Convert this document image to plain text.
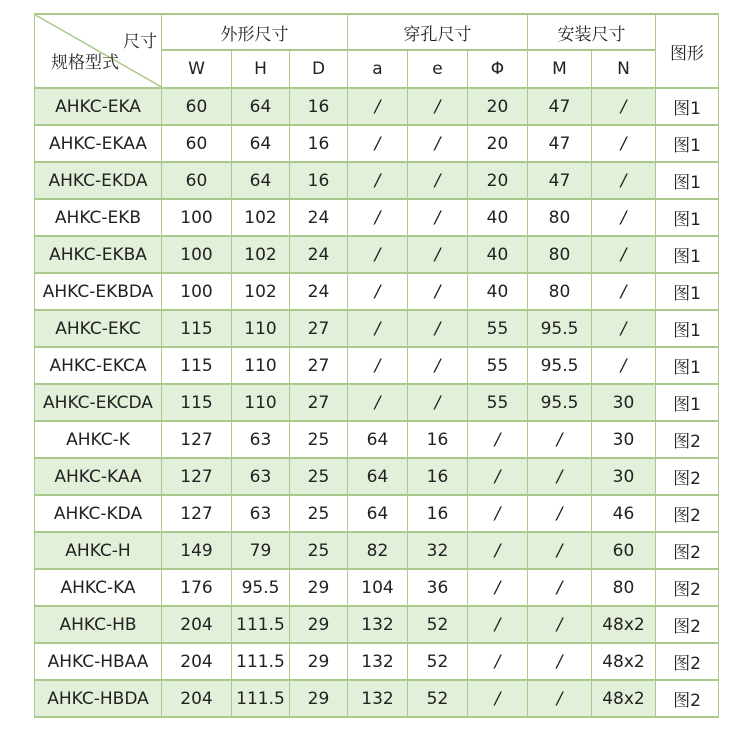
尺寸
规格型式	外形尺寸			穿孔尺寸			安装尺寸		图形
	W	H	D	a	e	Φ	M	N	
AHKC-EKA	60	64	16	/	/	20	47	/	图1
AHKC-EKAA	60	64	16	/	/	20	47	/	图1
AHKC-EKDA	60	64	16	/	/	20	47	/	图1
AHKC-EKB	100	102	24	/	/	40	80	/	图1
AHKC-EKBA	100	102	24	/	/	40	80	/	图1
AHKC-EKBDA	100	102	24	/	/	40	80	/	图1
AHKC-EKC	115	110	27	/	/	55	95.5	/	图1
AHKC-EKCA	115	110	27	/	/	55	95.5	/	图1
AHKC-EKCDA	115	110	27	/	/	55	95.5	30	图1
AHKC-K	127	63	25	64	16	/	/	30	图2
AHKC-KAA	127	63	25	64	16	/	/	30	图2
AHKC-KDA	127	63	25	64	16	/	/	46	图2
AHKC-H	149	79	25	82	32	/	/	60	图2
AHKC-KA	176	95.5	29	104	36	/	/	80	图2
AHKC-HB	204	111.5	29	132	52	/	/	48x2	图2
AHKC-HBAA	204	111.5	29	132	52	/	/	48x2	图2
AHKC-HBDA	204	111.5	29	132	52	/	/	48x2	图2
